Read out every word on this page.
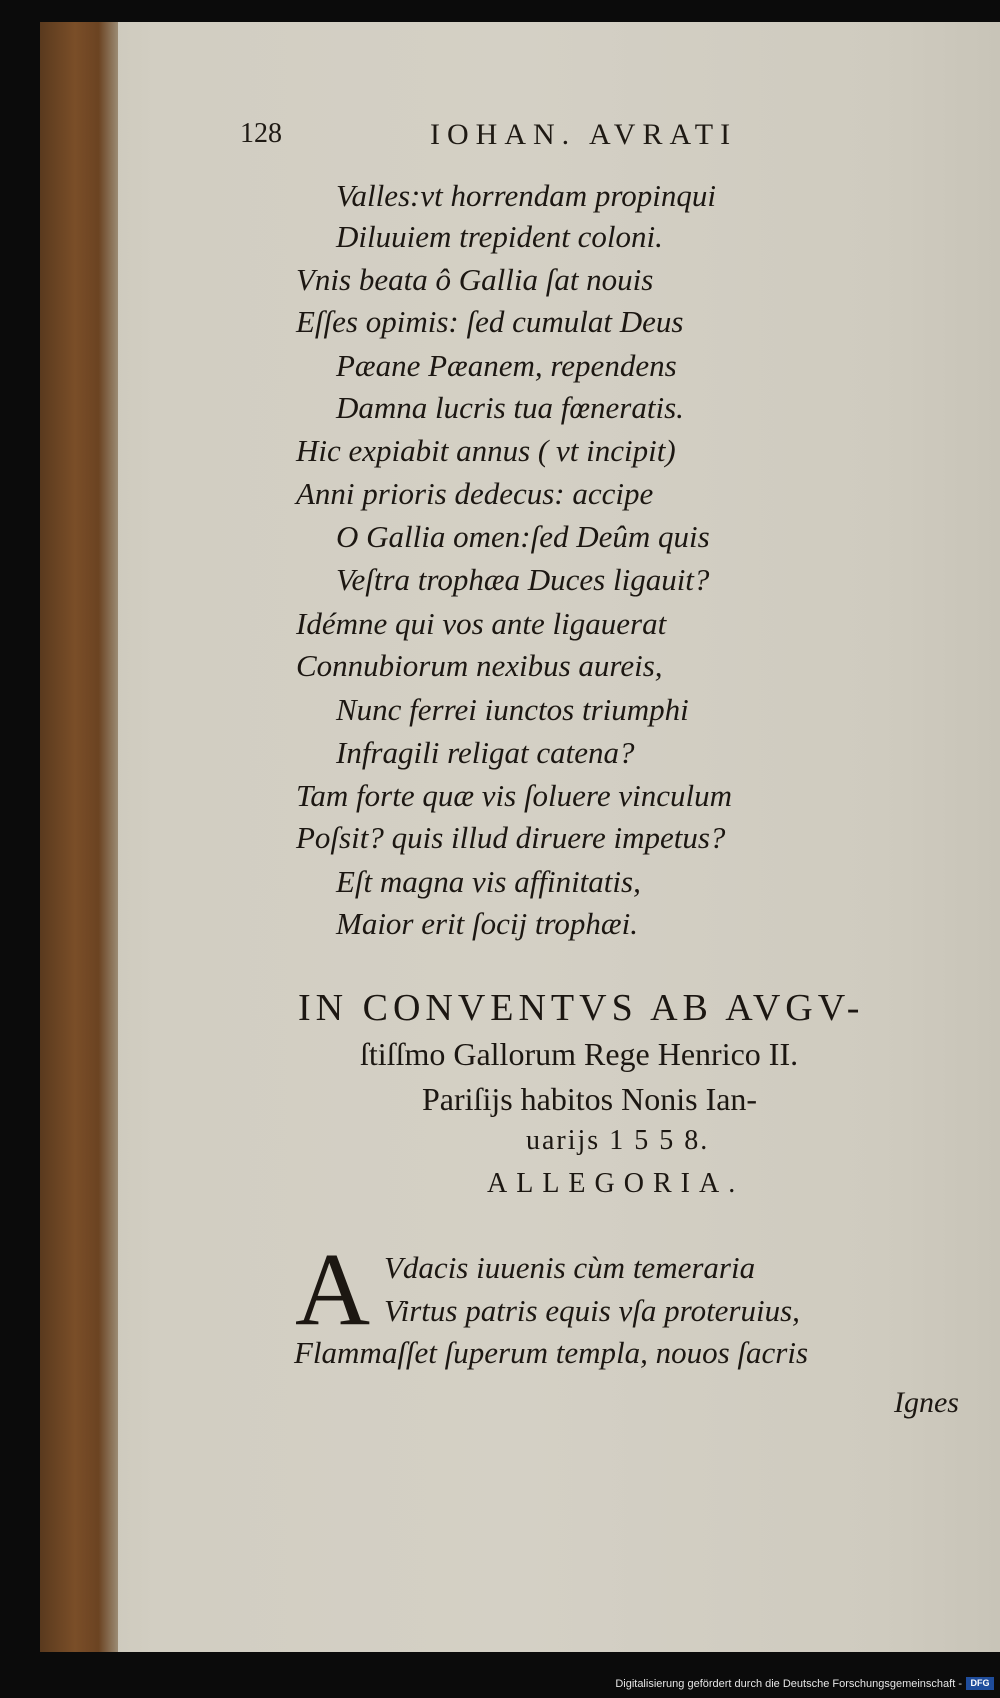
128	IOHAN. AVRATI
Valles:vt horrendam propinqui
Diluuiem trepident coloni.
Vnis beata ô Gallia ſat nouis
Eſſes opimis: ſed cumulat Deus
Pæane Pæanem, rependens
Damna lucris tua fœneratis.
Hic expiabit annus ( vt incipit)
Anni prioris dedecus: accipe
O Gallia omen:ſed Deûm quis
Veſtra trophæa Duces ligauit?
Idémne qui vos ante ligauerat
Connubiorum nexibus aureis,
Nunc ferrei iunctos triumphi
Infragili religat catena?
Tam forte quæ vis ſoluere vinculum
Poſsit? quis illud diruere impetus?
Eſt magna vis affinitatis,
Maior erit ſocij trophæi.
IN CONVENTVS AB AVGV-
ſtiſſmo Gallorum Rege Henrico II.
Pariſijs habitos Nonis Ian-
uarijs 1 5 5 8.
ALLEGORIA.
A Vdacis iuuenis cùm temeraria
Virtus patris equis vſa proteruius,
Flammaſſet ſuperum templa, nouos ſacris
Ignes
Digitalisierung gefördert durch die Deutsche Forschungsgemeinschaft - DFG
